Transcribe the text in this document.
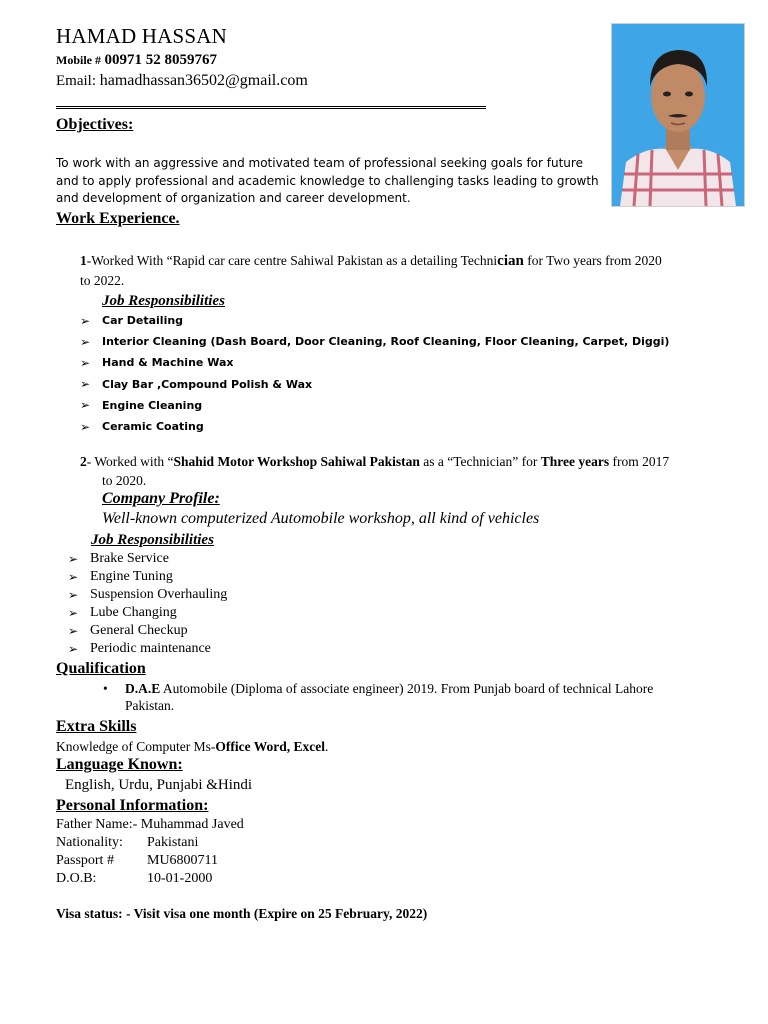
HAMAD HASSAN
Mobile # 00971 52 8059767
Email: hamadhassan36502@gmail.com
Objectives:
To work with an aggressive and motivated team of professional seeking goals for future and to apply professional and academic knowledge to challenging tasks leading to growth and development of organization and career development.
Work Experience.
1-Worked With “Rapid car care centre Sahiwal Pakistan as a detailing Technician for Two years from 2020
to 2022.
Job Responsibilities
➢	Car Detailing
➢	Interior Cleaning (Dash Board, Door Cleaning, Roof Cleaning, Floor Cleaning, Carpet, Diggi)
➢	Hand & Machine Wax
➢	Clay Bar ,Compound Polish & Wax
➢	Engine Cleaning
➢	Ceramic Coating
2- Worked with “Shahid Motor Workshop Sahiwal Pakistan as a “Technician” for Three years from 2017
to 2020.
Company Profile:
Well-known computerized Automobile workshop, all kind of vehicles
Job Responsibilities
➢ Brake Service
➢ Engine Tuning
➢ Suspension Overhauling
➢ Lube Changing
➢ General Checkup
➢ Periodic maintenance
Qualification
•	D.A.E Automobile (Diploma of associate engineer) 2019. From Punjab board of technical Lahore
Pakistan.
Extra Skills
Knowledge of Computer Ms-Office Word, Excel.
Language Known:
English, Urdu, Punjabi &Hindi
Personal Information:
Father Name:- Muhammad Javed
Nationality: Pakistani
Passport # MU6800711
D.O.B:	10-01-2000
Visa status: - Visit visa one month (Expire on 25 February, 2022)
